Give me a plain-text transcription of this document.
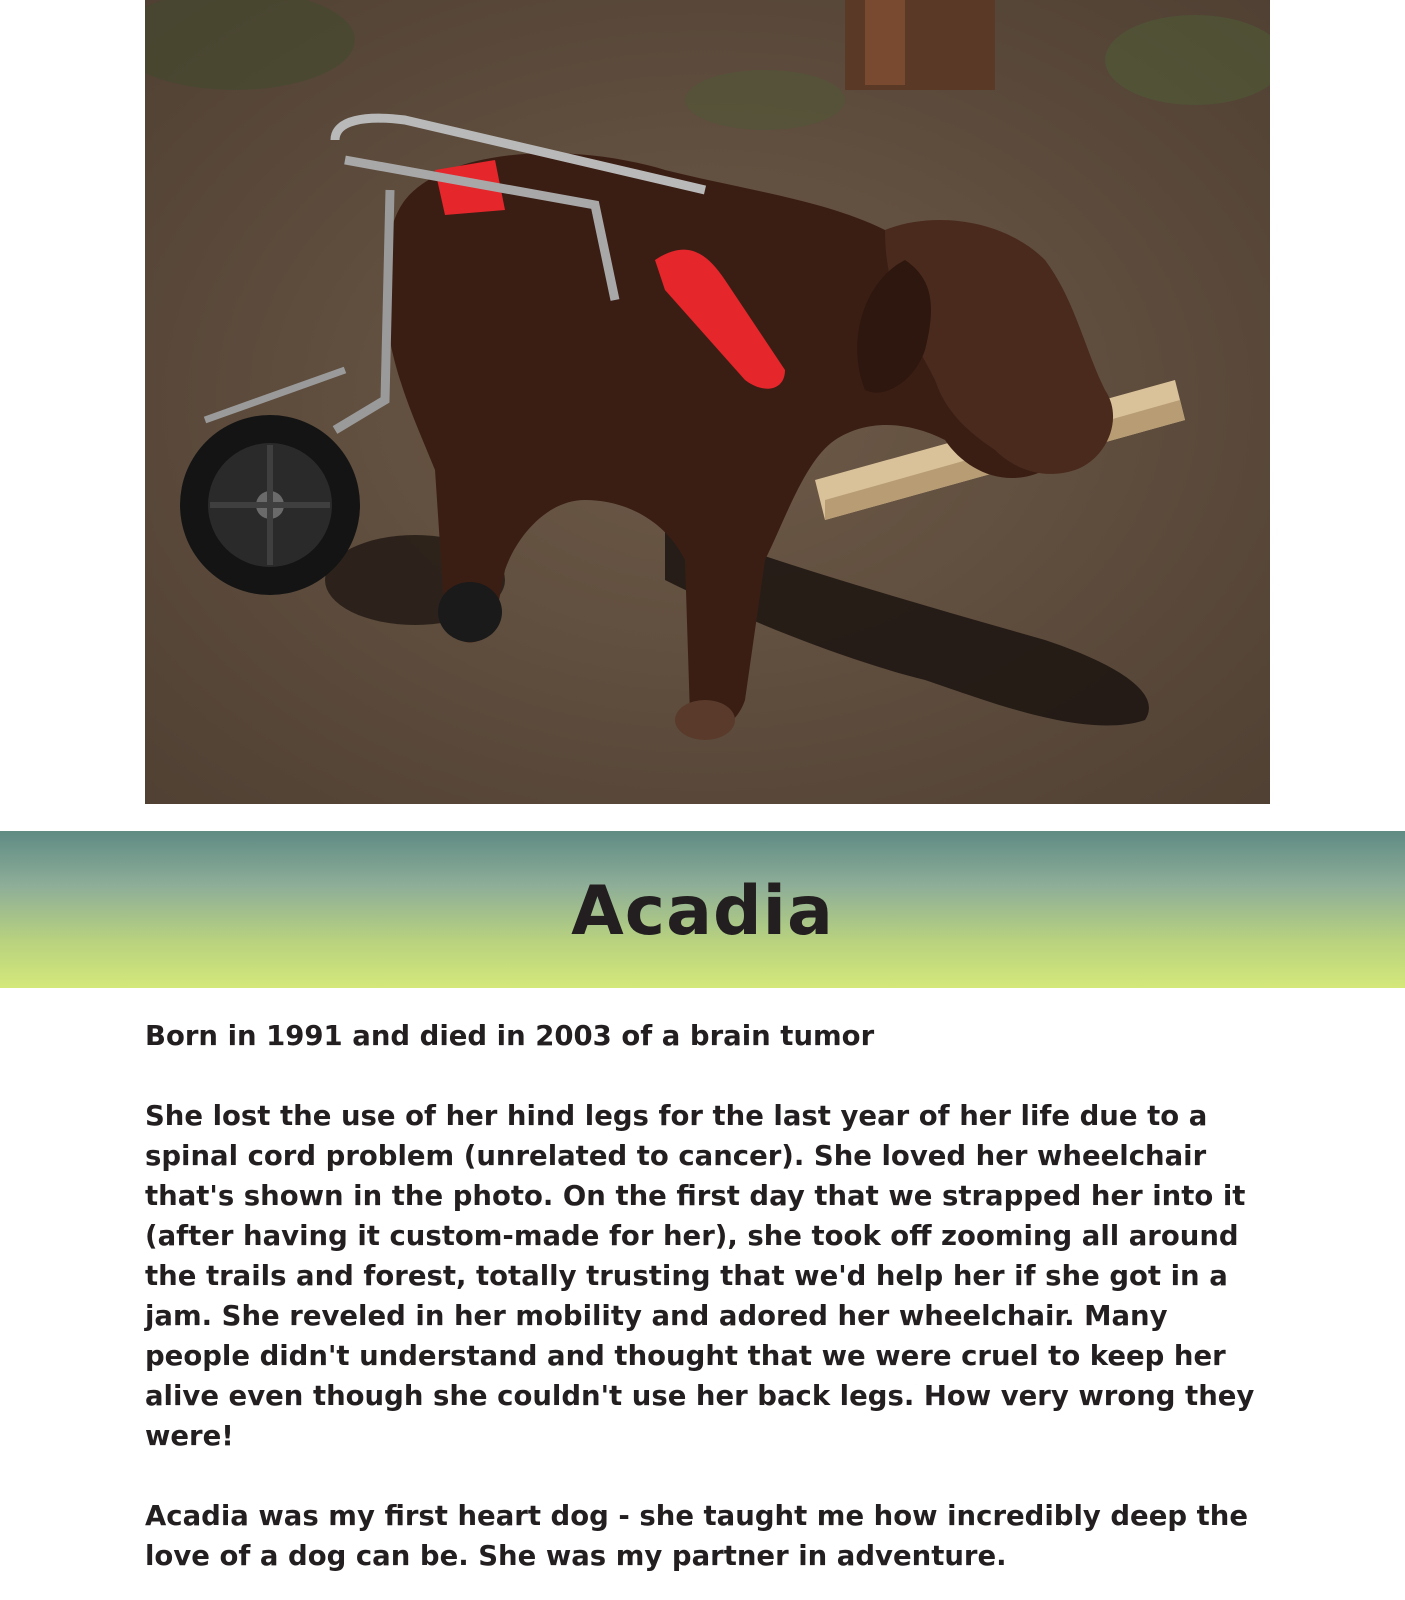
Acadia

Born in 1991 and died in 2003 of a brain tumor

She lost the use of her hind legs for the last year of her life due to a spinal cord problem (unrelated to cancer). She loved her wheelchair that's shown in the photo. On the first day that we strapped her into it (after having it custom-made for her), she took off zooming all around the trails and forest, totally trusting that we'd help her if she got in a jam. She reveled in her mobility and adored her wheelchair. Many people didn't understand and thought that we were cruel to keep her alive even though she couldn't use her back legs. How very wrong they were!

Acadia was my first heart dog - she taught me how incredibly deep the love of a dog can be. She was my partner in adventure.
